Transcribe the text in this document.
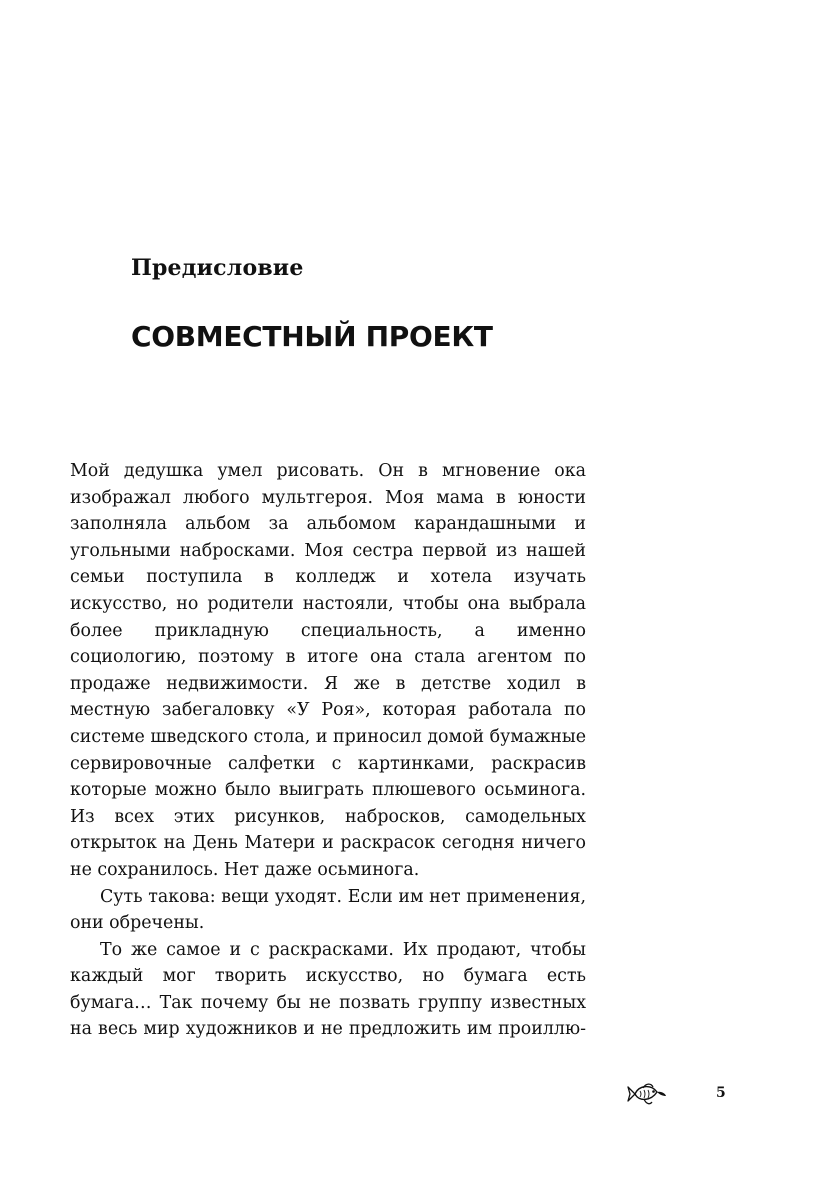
Предисловие
СОВМЕСТНЫЙ ПРОЕКТ

Мой дедушка умел рисовать. Он в мгновение ока изображал любого мультгероя. Моя мама в юности заполняла альбом за альбомом карандашными и угольными набросками. Моя сестра первой из нашей семьи поступила в колледж и хотела изучать искусство, но родители настояли, чтобы она выбрала более прикладную специальность, а именно социологию, поэтому в итоге она стала агентом по продаже недвижимости. Я же в детстве ходил в местную забегаловку «У Роя», которая работала по системе шведского стола, и приносил домой бумажные сервировочные салфетки с картинками, раскрасив которые можно было выиграть плюшевого осьминога. Из всех этих рисунков, набросков, самодельных открыток на День Матери и раскрасок сегодня ничего не сохранилось. Нет даже осьминога.

Суть такова: вещи уходят. Если им нет применения, они обречены.

То же самое и с раскрасками. Их продают, чтобы каждый мог творить искусство, но бумага есть бумага… Так почему бы не позвать группу известных на весь мир художников и не предложить им проиллю-

5
